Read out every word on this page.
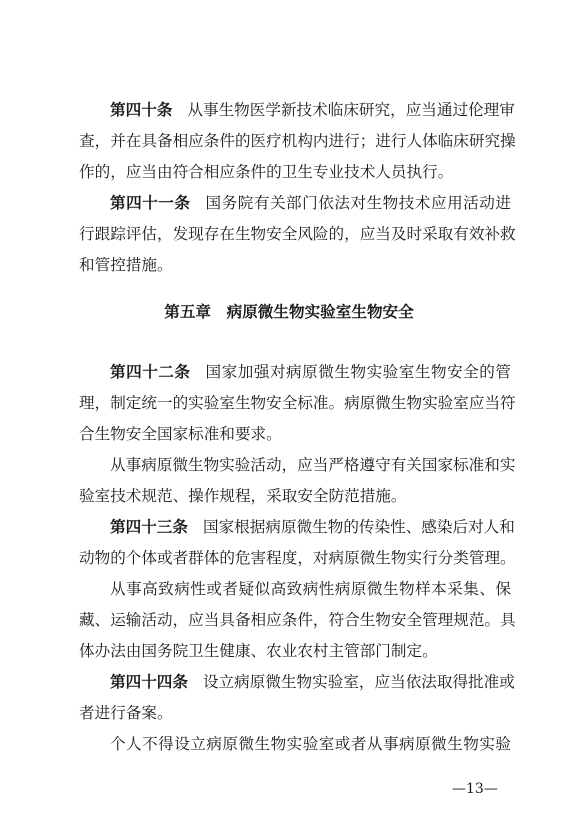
第四十条 从事生物医学新技术临床研究，应当通过伦理审
查，并在具备相应条件的医疗机构内进行；进行人体临床研究操
作的，应当由符合相应条件的卫生专业技术人员执行。
第四十一条 国务院有关部门依法对生物技术应用活动进
行跟踪评估，发现存在生物安全风险的，应当及时采取有效补救
和管控措施。
第五章　病原微生物实验室生物安全
第四十二条 国家加强对病原微生物实验室生物安全的管
理，制定统一的实验室生物安全标准。病原微生物实验室应当符
合生物安全国家标准和要求。
从事病原微生物实验活动，应当严格遵守有关国家标准和实
验室技术规范、操作规程，采取安全防范措施。
第四十三条 国家根据病原微生物的传染性、感染后对人和
动物的个体或者群体的危害程度，对病原微生物实行分类管理。
从事高致病性或者疑似高致病性病原微生物样本采集、保
藏、运输活动，应当具备相应条件，符合生物安全管理规范。具
体办法由国务院卫生健康、农业农村主管部门制定。
第四十四条 设立病原微生物实验室，应当依法取得批准或
者进行备案。
个人不得设立病原微生物实验室或者从事病原微生物实验
—13—
